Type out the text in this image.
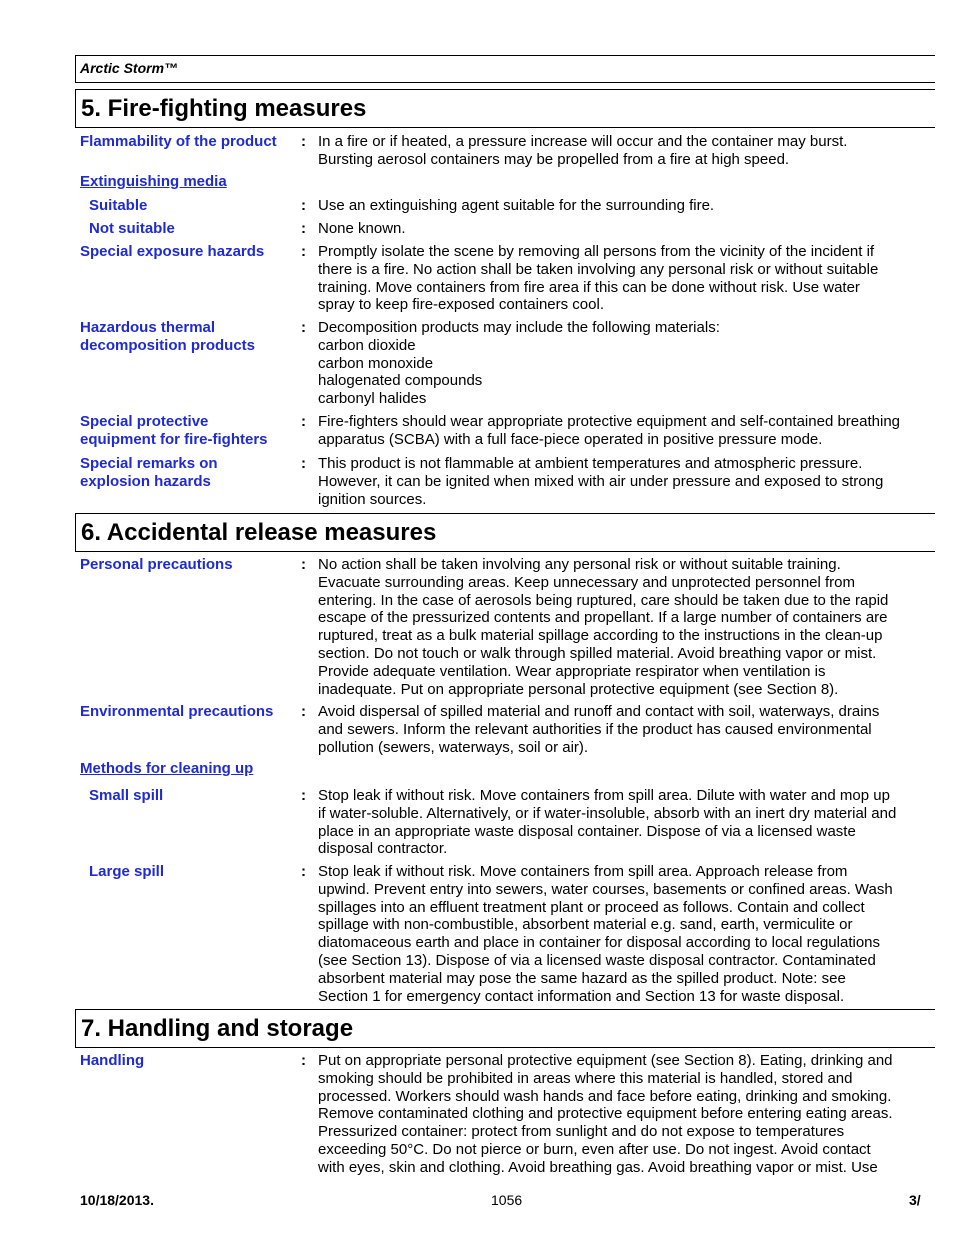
Arctic Storm™
5. Fire-fighting measures
Flammability of the product	: In a fire or if heated, a pressure increase will occur and the container may burst.
Bursting aerosol containers may be propelled from a fire at high speed.
Extinguishing media
Suitable	: Use an extinguishing agent suitable for the surrounding fire.
Not suitable	: None known.
Special exposure hazards	: Promptly isolate the scene by removing all persons from the vicinity of the incident if
there is a fire. No action shall be taken involving any personal risk or without suitable
training. Move containers from fire area if this can be done without risk. Use water
spray to keep fire-exposed containers cool.
Hazardous thermal decomposition products
: Decomposition products may include the following materials:
carbon dioxide
carbon monoxide
halogenated compounds
carbonyl halides
Special protective equipment for fire-fighters
: Fire-fighters should wear appropriate protective equipment and self-contained breathing
apparatus (SCBA) with a full face-piece operated in positive pressure mode.
Special remarks on explosion hazards
: This product is not flammable at ambient temperatures and atmospheric pressure.
However, it can be ignited when mixed with air under pressure and exposed to strong
ignition sources.
6. Accidental release measures
Personal precautions	: No action shall be taken involving any personal risk or without suitable training.
Evacuate surrounding areas. Keep unnecessary and unprotected personnel from
entering. In the case of aerosols being ruptured, care should be taken due to the rapid
escape of the pressurized contents and propellant. If a large number of containers are
ruptured, treat as a bulk material spillage according to the instructions in the clean-up
section. Do not touch or walk through spilled material. Avoid breathing vapor or mist.
Provide adequate ventilation. Wear appropriate respirator when ventilation is
inadequate. Put on appropriate personal protective equipment (see Section 8).
Environmental precautions	: Avoid dispersal of spilled material and runoff and contact with soil, waterways, drains
and sewers. Inform the relevant authorities if the product has caused environmental
pollution (sewers, waterways, soil or air).
Methods for cleaning up
Small spill	: Stop leak if without risk. Move containers from spill area. Dilute with water and mop up
if water-soluble. Alternatively, or if water-insoluble, absorb with an inert dry material and
place in an appropriate waste disposal container. Dispose of via a licensed waste
disposal contractor.
Large spill	: Stop leak if without risk. Move containers from spill area. Approach release from
upwind. Prevent entry into sewers, water courses, basements or confined areas. Wash
spillages into an effluent treatment plant or proceed as follows. Contain and collect
spillage with non-combustible, absorbent material e.g. sand, earth, vermiculite or
diatomaceous earth and place in container for disposal according to local regulations
(see Section 13). Dispose of via a licensed waste disposal contractor. Contaminated
absorbent material may pose the same hazard as the spilled product. Note: see
Section 1 for emergency contact information and Section 13 for waste disposal.
7. Handling and storage
Handling	: Put on appropriate personal protective equipment (see Section 8). Eating, drinking and
smoking should be prohibited in areas where this material is handled, stored and
processed. Workers should wash hands and face before eating, drinking and smoking.
Remove contaminated clothing and protective equipment before entering eating areas.
Pressurized container: protect from sunlight and do not expose to temperatures
exceeding 50°C. Do not pierce or burn, even after use. Do not ingest. Avoid contact
with eyes, skin and clothing. Avoid breathing gas. Avoid breathing vapor or mist. Use
10/18/2013.	1056	3/
